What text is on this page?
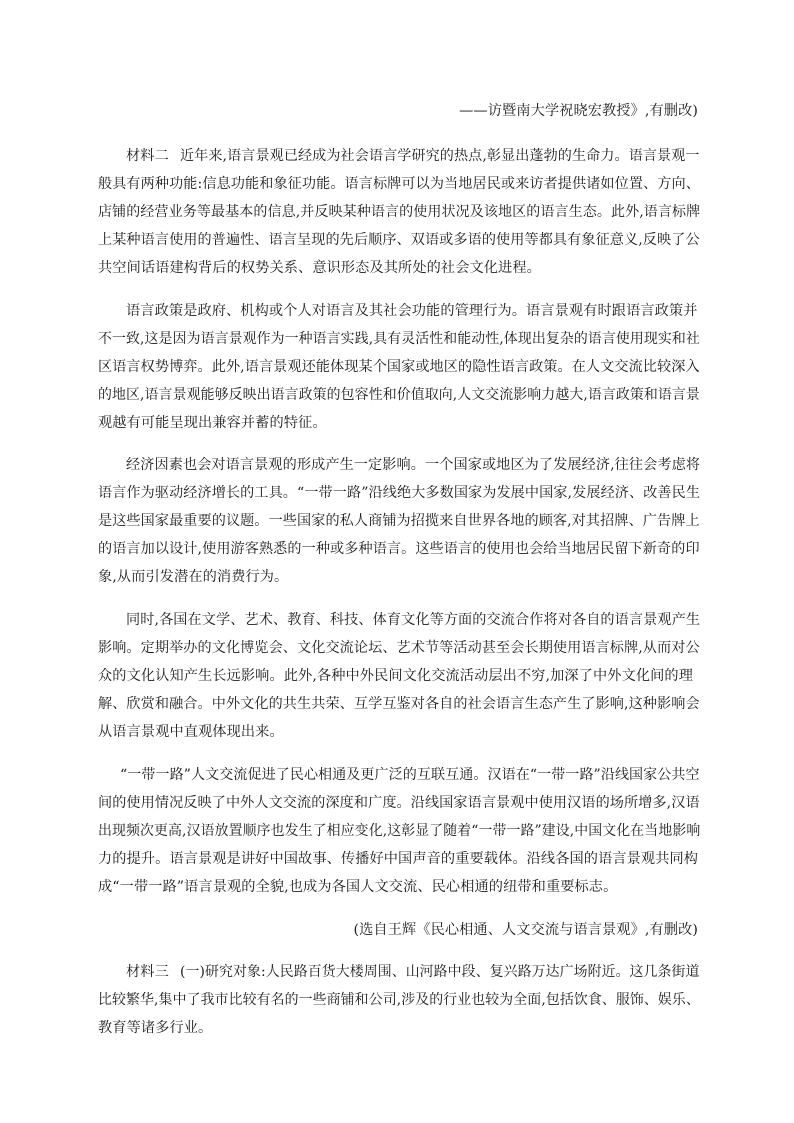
——访暨南大学祝晓宏教授》,有删改)
材料二 近年来,语言景观已经成为社会语言学研究的热点,彰显出蓬勃的生命力。语言景观一
般具有两种功能:信息功能和象征功能。语言标牌可以为当地居民或来访者提供诸如位置、方向、
店铺的经营业务等最基本的信息,并反映某种语言的使用状况及该地区的语言生态。此外,语言标牌
上某种语言使用的普遍性、语言呈现的先后顺序、双语或多语的使用等都具有象征意义,反映了公
共空间话语建构背后的权势关系、意识形态及其所处的社会文化进程。
语言政策是政府、机构或个人对语言及其社会功能的管理行为。语言景观有时跟语言政策并
不一致,这是因为语言景观作为一种语言实践,具有灵活性和能动性,体现出复杂的语言使用现实和社
区语言权势博弈。此外,语言景观还能体现某个国家或地区的隐性语言政策。在人文交流比较深入
的地区,语言景观能够反映出语言政策的包容性和价值取向,人文交流影响力越大,语言政策和语言景
观越有可能呈现出兼容并蓄的特征。
经济因素也会对语言景观的形成产生一定影响。一个国家或地区为了发展经济,往往会考虑将
语言作为驱动经济增长的工具。“一带一路”沿线绝大多数国家为发展中国家,发展经济、改善民生
是这些国家最重要的议题。一些国家的私人商铺为招揽来自世界各地的顾客,对其招牌、广告牌上
的语言加以设计,使用游客熟悉的一种或多种语言。这些语言的使用也会给当地居民留下新奇的印
象,从而引发潜在的消费行为。
同时,各国在文学、艺术、教育、科技、体育文化等方面的交流合作将对各自的语言景观产生
影响。定期举办的文化博览会、文化交流论坛、艺术节等活动甚至会长期使用语言标牌,从而对公
众的文化认知产生长远影响。此外,各种中外民间文化交流活动层出不穷,加深了中外文化间的理
解、欣赏和融合。中外文化的共生共荣、互学互鉴对各自的社会语言生态产生了影响,这种影响会
从语言景观中直观体现出来。
“一带一路”人文交流促进了民心相通及更广泛的互联互通。汉语在“一带一路”沿线国家公共空
间的使用情况反映了中外人文交流的深度和广度。沿线国家语言景观中使用汉语的场所增多,汉语
出现频次更高,汉语放置顺序也发生了相应变化,这彰显了随着“一带一路”建设,中国文化在当地影响
力的提升。语言景观是讲好中国故事、传播好中国声音的重要载体。沿线各国的语言景观共同构
成“一带一路”语言景观的全貌,也成为各国人文交流、民心相通的纽带和重要标志。
(选自王辉《民心相通、人文交流与语言景观》,有删改)
材料三 (一)研究对象:人民路百货大楼周围、山河路中段、复兴路万达广场附近。这几条街道
比较繁华,集中了我市比较有名的一些商铺和公司,涉及的行业也较为全面,包括饮食、服饰、娱乐、
教育等诸多行业。
